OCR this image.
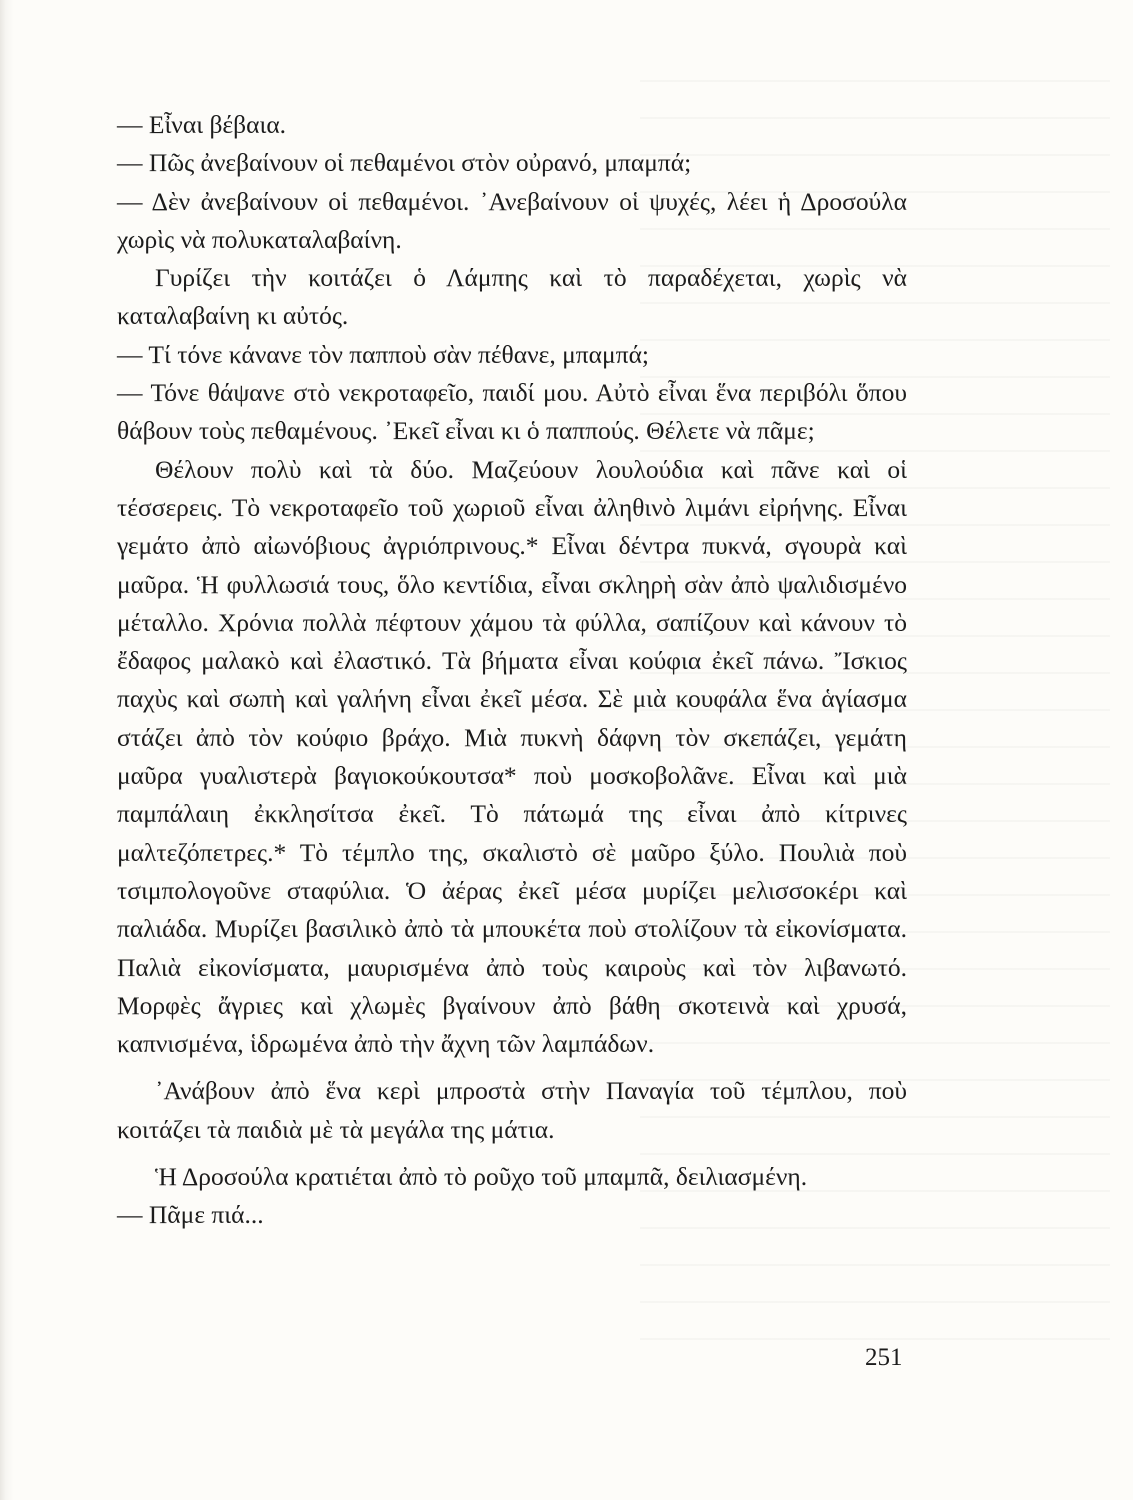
— Εἶναι βέβαια.

— Πῶς ἀνεβαίνουν οἱ πεθαμένοι στὸν οὐρανό, μπαμπά;

— Δὲν ἀνεβαίνουν οἱ πεθαμένοι. ᾿Ανεβαίνουν οἱ ψυχές, λέει ἡ Δροσούλα χωρὶς νὰ πολυκαταλαβαίνη.

Γυρίζει τὴν κοιτάζει ὁ Λάμπης καὶ τὸ παραδέχεται, χωρὶς νὰ καταλαβαίνη κι αὐτός.

— Τί τόνε κάνανε τὸν παπποὺ σὰν πέθανε, μπαμπά;

— Τόνε θάψανε στὸ νεκροταφεῖο, παιδί μου. Αὐτὸ εἶναι ἕνα περιβόλι ὅπου θάβουν τοὺς πεθαμένους. ᾿Εκεῖ εἶναι κι ὁ παππούς. Θέλετε νὰ πᾶμε;

Θέλουν πολὺ καὶ τὰ δύο. Μαζεύουν λουλούδια καὶ πᾶνε καὶ οἱ τέσσερεις. Τὸ νεκροταφεῖο τοῦ χωριοῦ εἶναι ἀληθινὸ λιμάνι εἰρήνης. Εἶναι γεμάτο ἀπὸ αἰωνόβιους ἀγριόπρινους.* Εἶναι δέντρα πυκνά, σγουρὰ καὶ μαῦρα. Ἡ φυλλωσιά τους, ὅλο κεντίδια, εἶναι σκληρὴ σὰν ἀπὸ ψαλιδισμένο μέταλλο. Χρόνια πολλὰ πέφτουν χάμου τὰ φύλλα, σαπίζουν καὶ κάνουν τὸ ἔδαφος μαλακὸ καὶ ἐλαστικό. Τὰ βήματα εἶναι κούφια ἐκεῖ πάνω. Ἴσκιος παχὺς καὶ σωπὴ καὶ γαλήνη εἶναι ἐκεῖ μέσα. Σὲ μιὰ κουφάλα ἕνα ἁγίασμα στάζει ἀπὸ τὸν κούφιο βράχο. Μιὰ πυκνὴ δάφνη τὸν σκεπάζει, γεμάτη μαῦρα γυαλιστερὰ βαγιοκούκουτσα* ποὺ μοσκοβολᾶνε. Εἶναι καὶ μιὰ παμπάλαιη ἐκκλησίτσα ἐκεῖ. Τὸ πάτωμά της εἶναι ἀπὸ κίτρινες μαλτεζόπετρες.* Τὸ τέμπλο της, σκαλιστὸ σὲ μαῦρο ξύλο. Πουλιὰ ποὺ τσιμπολογοῦνε σταφύλια. Ὁ ἀέρας ἐκεῖ μέσα μυρίζει μελισσοκέρι καὶ παλιάδα. Μυρίζει βασιλικὸ ἀπὸ τὰ μπουκέτα ποὺ στολίζουν τὰ εἰκονίσματα. Παλιὰ εἰκονίσματα, μαυρισμένα ἀπὸ τοὺς καιροὺς καὶ τὸν λιβανωτό. Μορφὲς ἄγριες καὶ χλωμὲς βγαίνουν ἀπὸ βάθη σκοτεινὰ καὶ χρυσά, καπνισμένα, ἱδρωμένα ἀπὸ τὴν ἄχνη τῶν λαμπάδων.

᾿Ανάβουν ἀπὸ ἕνα κερὶ μπροστὰ στὴν Παναγία τοῦ τέμπλου, ποὺ κοιτάζει τὰ παιδιὰ μὲ τὰ μεγάλα της μάτια.

Ἡ Δροσούλα κρατιέται ἀπὸ τὸ ροῦχο τοῦ μπαμπᾶ, δειλιασμένη.

— Πᾶμε πιά...

251
